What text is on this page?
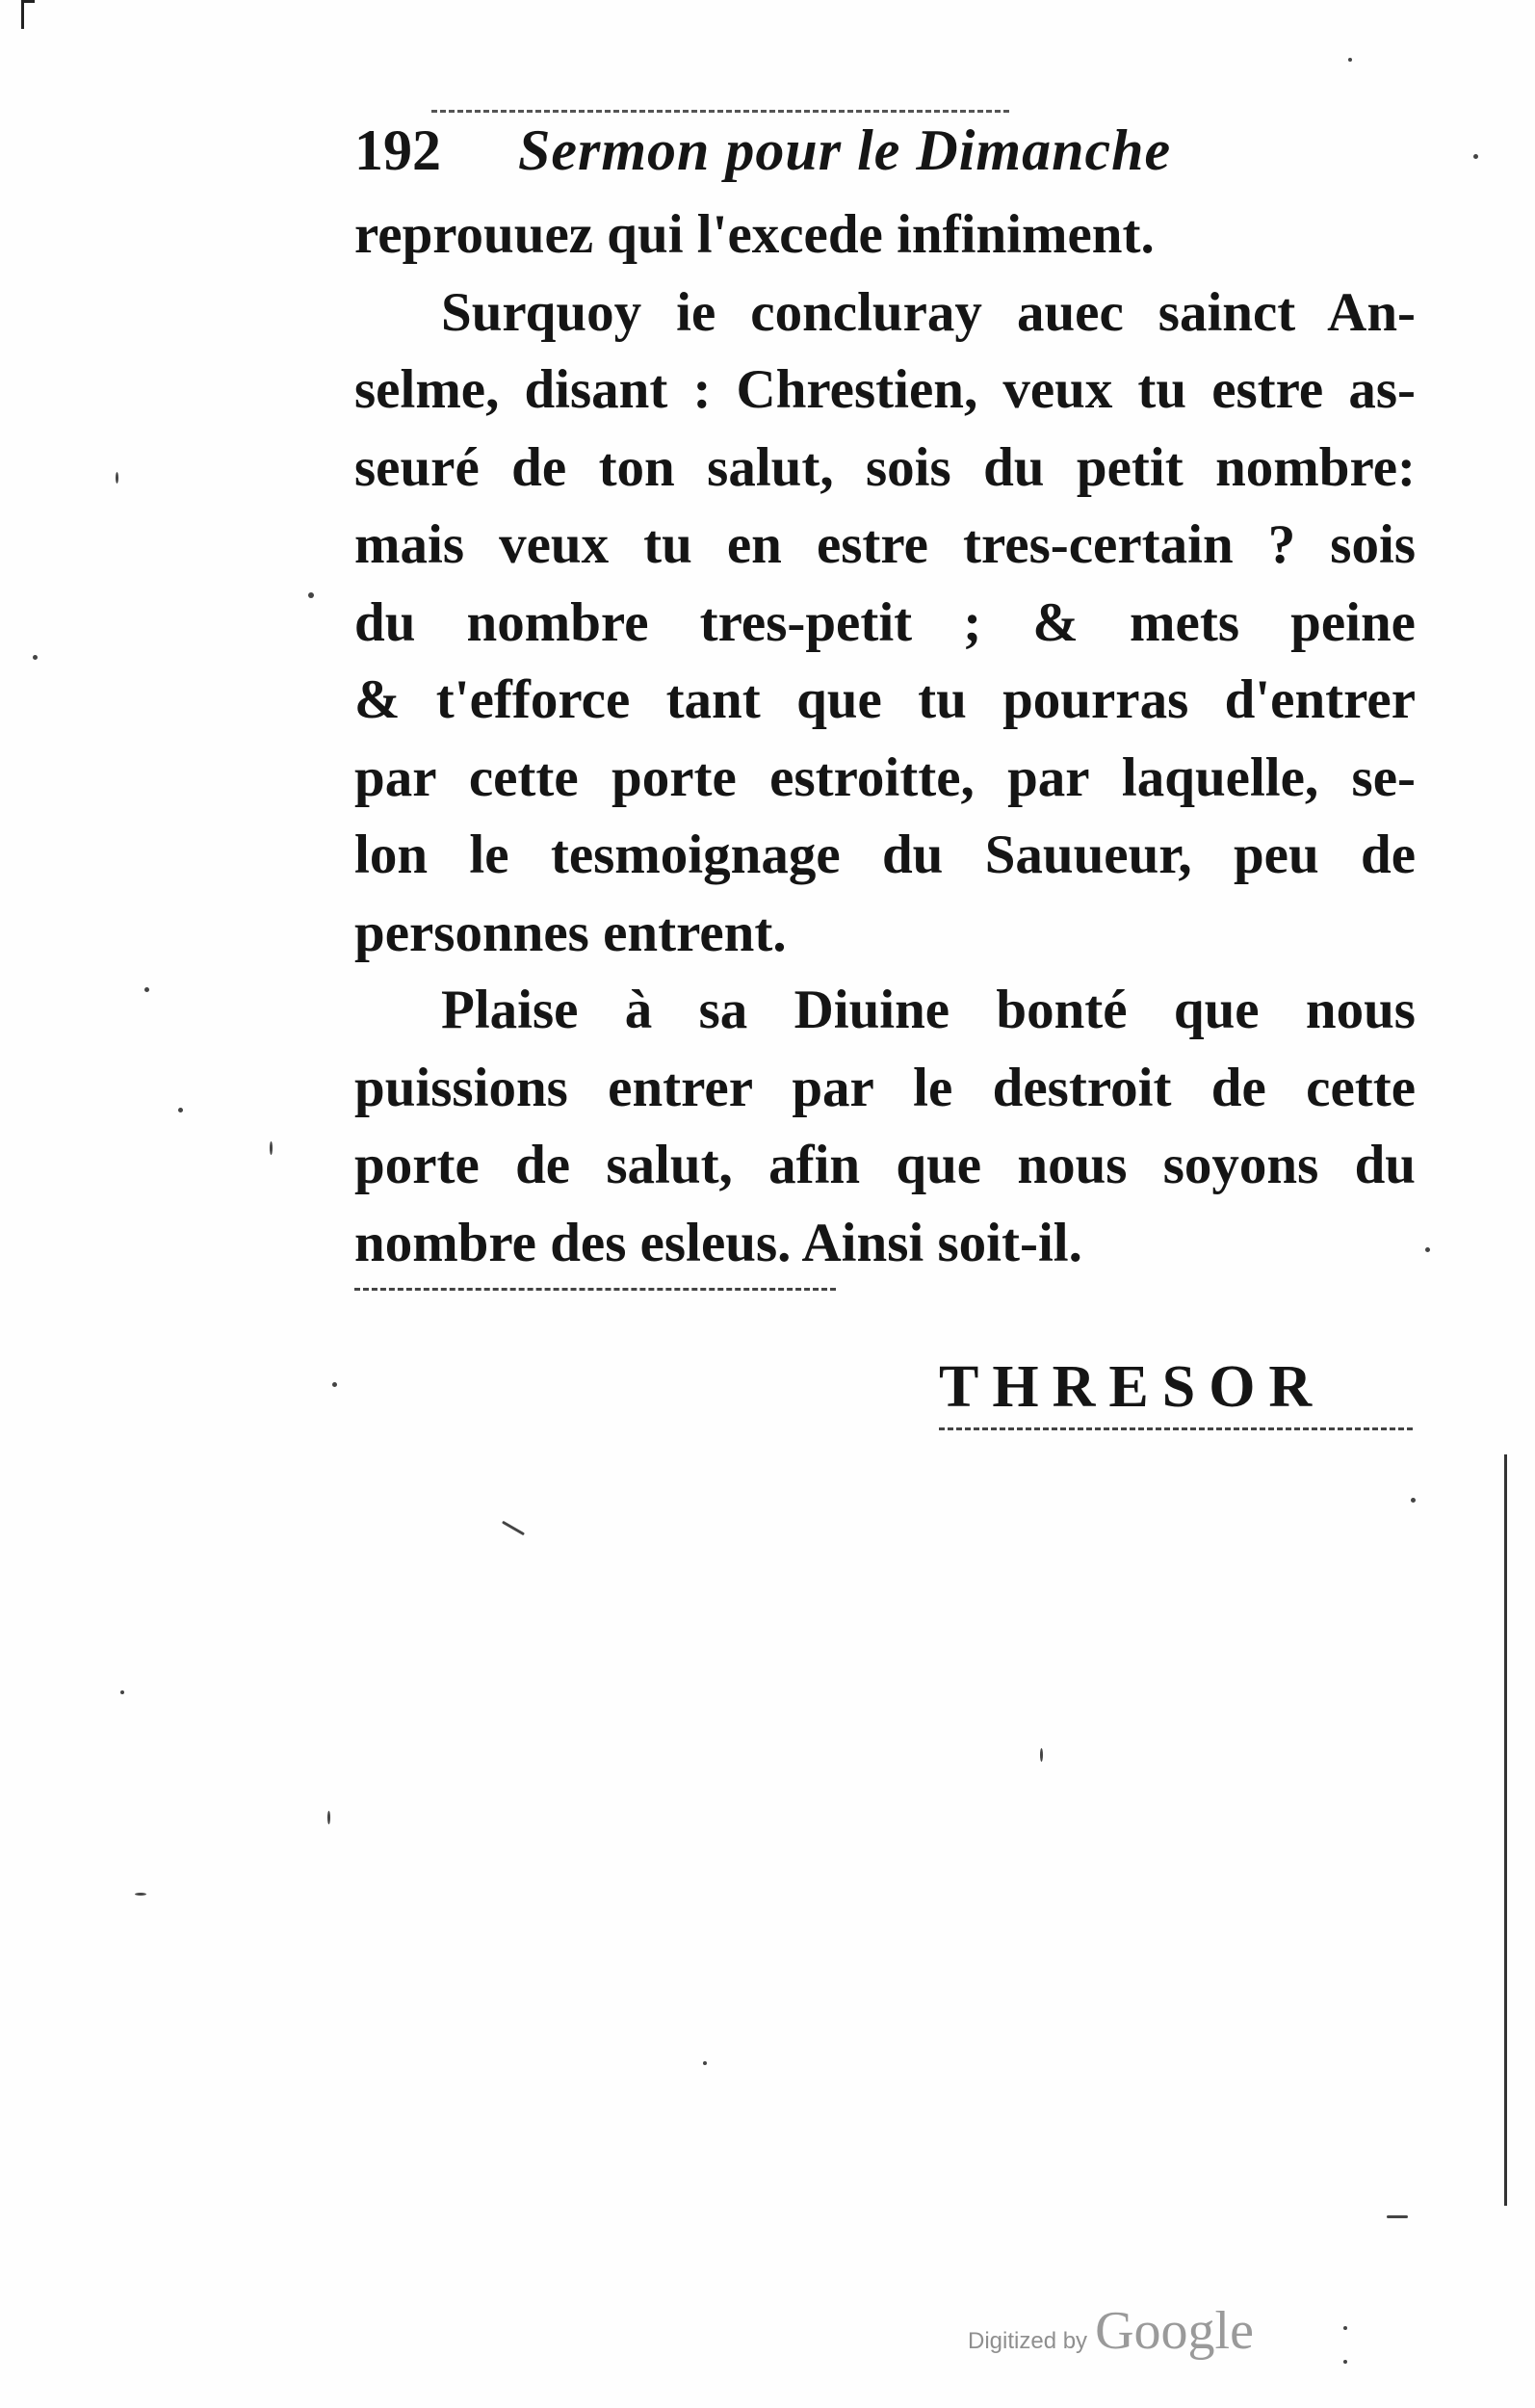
192	Sermon pour le Dimanche
reprouuez qui l'excede infiniment.
Surquoy ie concluray auec sainct An-
selme, disant : Chrestien, veux tu estre as-
seuré de ton salut, sois du petit nombre:
mais veux tu en estre tres-certain ? sois
du nombre tres-petit ; & mets peine
& t'efforce tant que tu pourras d'entrer
par cette porte estroitte, par laquelle, se-
lon le tesmoignage du Sauueur, peu de
personnes entrent.
Plaise à sa Diuine bonté que nous
puissions entrer par le destroit de cette
porte de salut, afin que nous soyons du
nombre des esleus. Ainsi soit-il.
THRESOR
Digitized by Google
